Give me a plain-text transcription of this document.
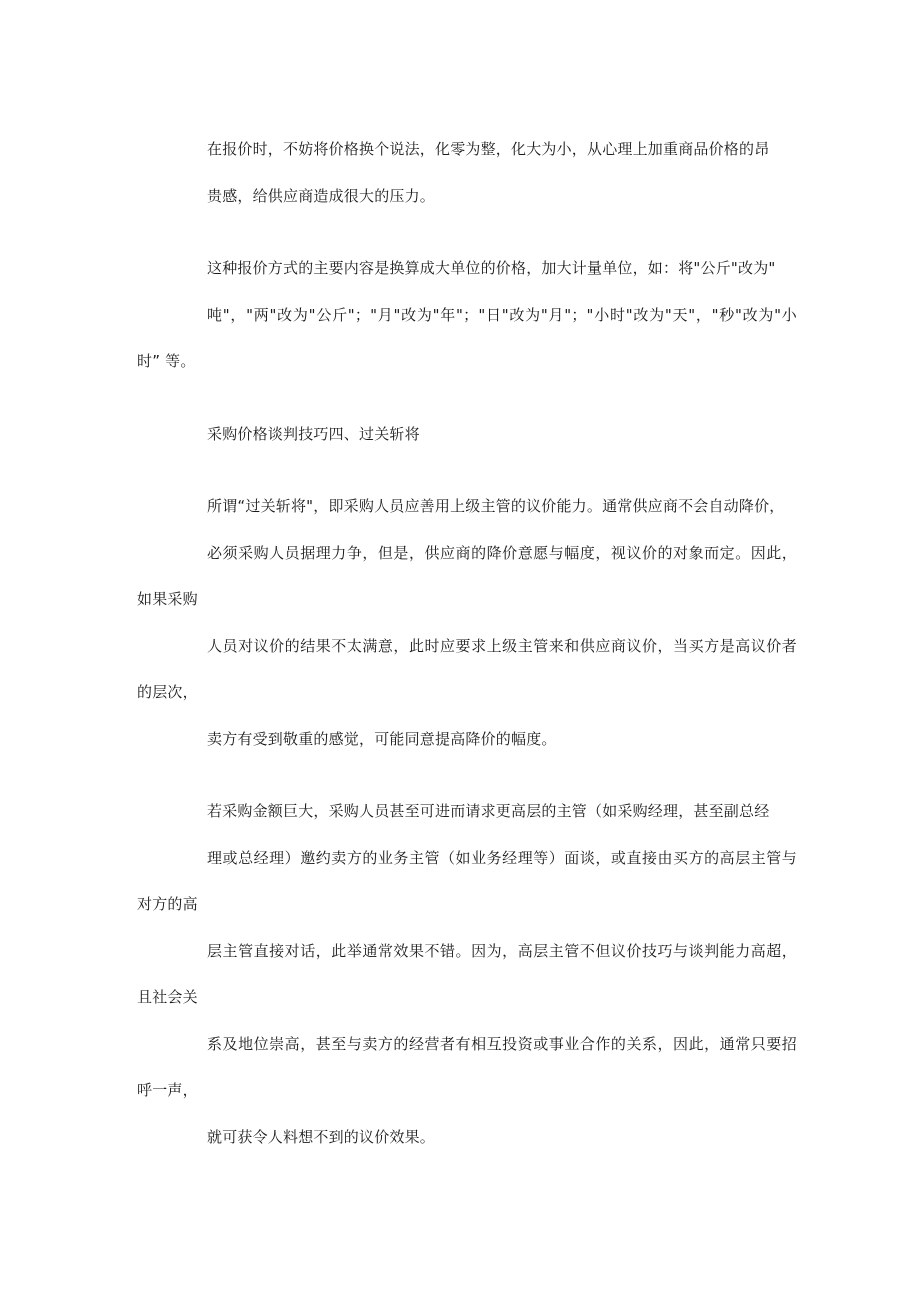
在报价时，不妨将价格换个说法，化零为整，化大为小，从心理上加重商品价格的昂
贵感，给供应商造成很大的压力。

这种报价方式的主要内容是换算成大单位的价格，加大计量单位，如：将"公斤"改为"
吨"，"两"改为"公斤"；"月"改为"年"；"日"改为"月"；"小时"改为"天"，"秒"改为"小时” 等。

采购价格谈判技巧四、过关斩将

所谓“过关斩将"，即采购人员应善用上级主管的议价能力。通常供应商不会自动降价，
必须采购人员据理力争，但是，供应商的降价意愿与幅度，视议价的对象而定。因此，如果采购
人员对议价的结果不太满意，此时应要求上级主管来和供应商议价，当买方是高议价者的层次，
卖方有受到敬重的感觉，可能同意提高降价的幅度。

若采购金额巨大，采购人员甚至可进而请求更高层的主管（如采购经理，甚至副总经
理或总经理）邀约卖方的业务主管（如业务经理等）面谈，或直接由买方的高层主管与对方的高
层主管直接对话，此举通常效果不错。因为，高层主管不但议价技巧与谈判能力高超，且社会关
系及地位崇高，甚至与卖方的经营者有相互投资或事业合作的关系，因此，通常只要招呼一声，
就可获令人料想不到的议价效果。
